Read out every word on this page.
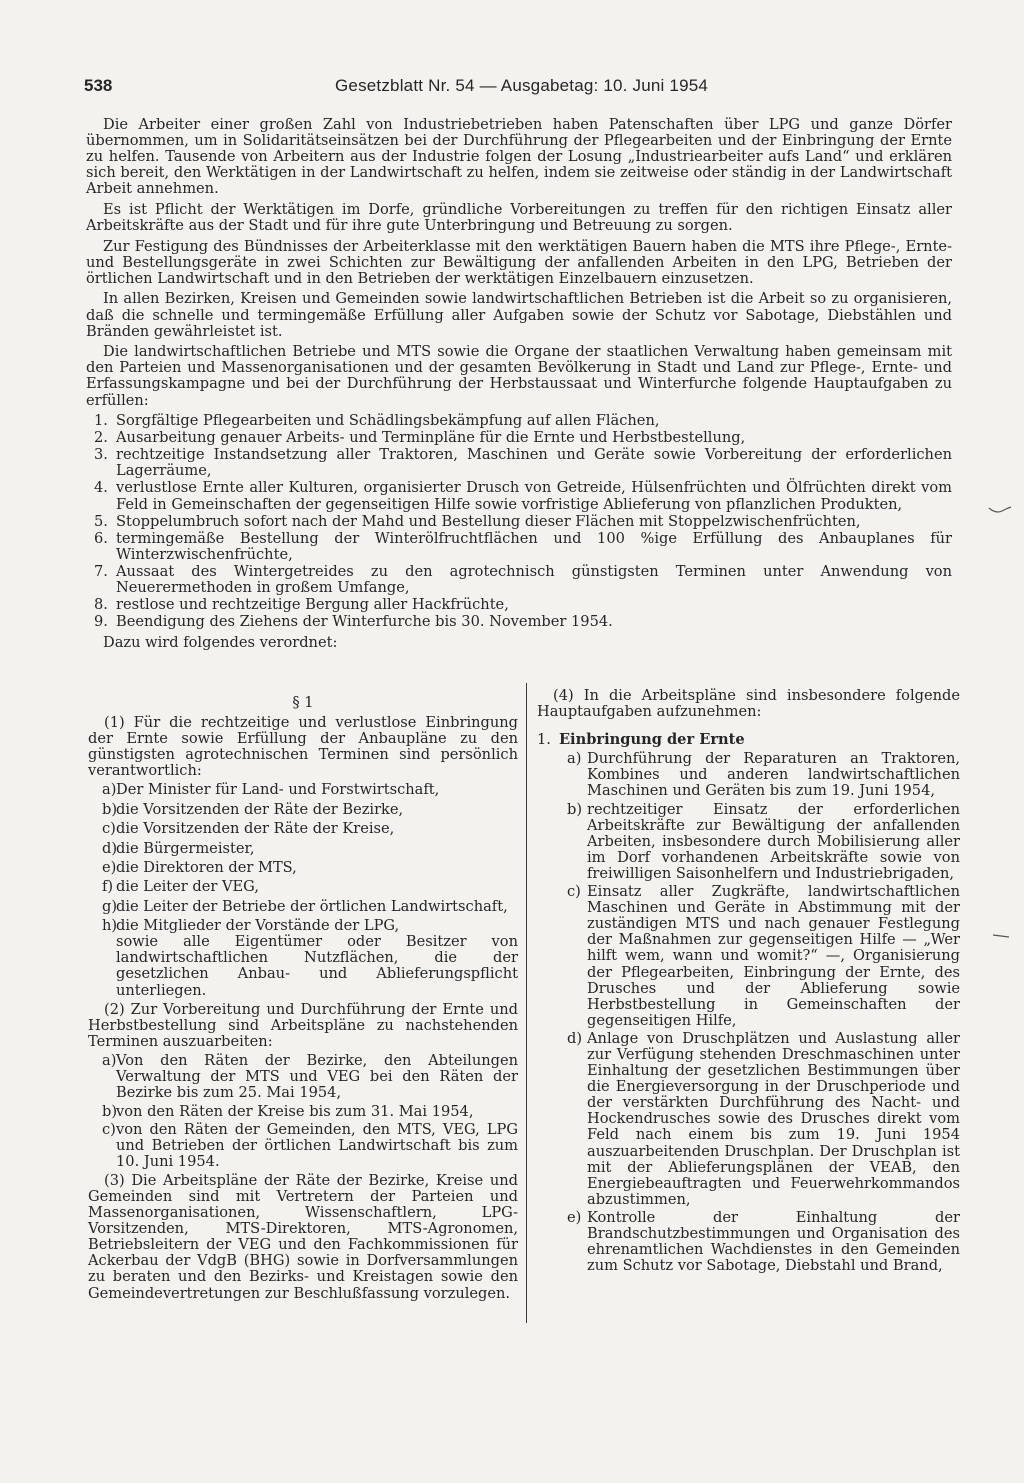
538	Gesetzblatt Nr. 54 — Ausgabetag: 10. Juni 1954

Die Arbeiter einer großen Zahl von Industriebetrieben haben Patenschaften über LPG und ganze Dörfer übernommen, um in Solidaritätseinsätzen bei der Durchführung der Pflegearbeiten und der Einbringung der Ernte zu helfen. Tausende von Arbeitern aus der Industrie folgen der Losung „Industriearbeiter aufs Land“ und erklären sich bereit, den Werktätigen in der Landwirtschaft zu helfen, indem sie zeitweise oder ständig in der Landwirtschaft Arbeit annehmen.

Es ist Pflicht der Werktätigen im Dorfe, gründliche Vorbereitungen zu treffen für den richtigen Einsatz aller Arbeitskräfte aus der Stadt und für ihre gute Unterbringung und Betreuung zu sorgen.

Zur Festigung des Bündnisses der Arbeiterklasse mit den werktätigen Bauern haben die MTS ihre Pflege-, Ernte- und Bestellungsgeräte in zwei Schichten zur Bewältigung der anfallenden Arbeiten in den LPG, Betrieben der örtlichen Landwirtschaft und in den Betrieben der werktätigen Einzelbauern einzusetzen.

In allen Bezirken, Kreisen und Gemeinden sowie landwirtschaftlichen Betrieben ist die Arbeit so zu organisieren, daß die schnelle und termingemäße Erfüllung aller Aufgaben sowie der Schutz vor Sabotage, Diebstählen und Bränden gewährleistet ist.

Die landwirtschaftlichen Betriebe und MTS sowie die Organe der staatlichen Verwaltung haben gemeinsam mit den Parteien und Massenorganisationen und der gesamten Bevölkerung in Stadt und Land zur Pflege-, Ernte- und Erfassungskampagne und bei der Durchführung der Herbstaussaat und Winterfurche folgende Hauptaufgaben zu erfüllen:

1. Sorgfältige Pflegearbeiten und Schädlingsbekämpfung auf allen Flächen,
2. Ausarbeitung genauer Arbeits- und Terminpläne für die Ernte und Herbstbestellung,
3. rechtzeitige Instandsetzung aller Traktoren, Maschinen und Geräte sowie Vorbereitung der erforderlichen Lagerräume,
4. verlustlose Ernte aller Kulturen, organisierter Drusch von Getreide, Hülsenfrüchten und Ölfrüchten direkt vom Feld in Gemeinschaften der gegenseitigen Hilfe sowie vorfristige Ablieferung von pflanzlichen Produkten,
5. Stoppelumbruch sofort nach der Mahd und Bestellung dieser Flächen mit Stoppelzwischenfrüchten,
6. termingemäße Bestellung der Winterölfruchtflächen und 100 %ige Erfüllung des Anbauplanes für Winterzwischenfrüchte,
7. Aussaat des Wintergetreides zu den agrotechnisch günstigsten Terminen unter Anwendung von Neuerermethoden in großem Umfange,
8. restlose und rechtzeitige Bergung aller Hackfrüchte,
9. Beendigung des Ziehens der Winterfurche bis 30. November 1954.
Dazu wird folgendes verordnet:
§ 1

(1) Für die rechtzeitige und verlustlose Einbringung der Ernte sowie Erfüllung der Anbaupläne zu den günstigsten agrotechnischen Terminen sind persönlich verantwortlich:

a) Der Minister für Land- und Forstwirtschaft,
b)
die Vorsitzenden der Räte der Bezirke,
c) die Vorsitzenden der Räte der Kreise,
d)
die Bürgermeister,
e) die Direktoren der MTS,
f) die Leiter der VEG,
g)
die Leiter der Betriebe der örtlichen Landwirtschaft,
h)
die Mitglieder der Vorstände der LPG,
sowie alle Eigentümer oder Besitzer von landwirtschaftlichen Nutzflächen, die der gesetzlichen Anbau- und Ablieferungspflicht unterliegen.

(2) Zur Vorbereitung und Durchführung der Ernte und Herbstbestellung sind Arbeitspläne zu nachstehenden Terminen auszuarbeiten:

a) Von den Räten der Bezirke, den Abteilungen Verwaltung der MTS und VEG bei den Räten der Bezirke bis zum 25. Mai 1954,
b)
von den Räten der Kreise bis zum 31. Mai 1954,
c) von den Räten der Gemeinden, den MTS, VEG, LPG und Betrieben der örtlichen Landwirtschaft bis zum 10. Juni 1954.

(3) Die Arbeitspläne der Räte der Bezirke, Kreise und Gemeinden sind mit Vertretern der Parteien und Massenorganisationen, Wissenschaftlern, LPG-Vorsitzenden, MTS-Direktoren, MTS-Agronomen, Betriebsleitern der VEG und den Fachkommissionen für Ackerbau der VdgB (BHG) sowie in Dorfversammlungen zu beraten und den Bezirks- und Kreistagen sowie den Gemeindevertretungen zur Beschlußfassung vorzulegen.

(4) In die Arbeitspläne sind insbesondere folgende Hauptaufgaben aufzunehmen:

1. Einbringung der Ernte
a) Durchführung der Reparaturen an Traktoren, Kombines und anderen landwirtschaftlichen Maschinen und Geräten bis zum 19. Juni 1954,
b) rechtzeitiger Einsatz der erforderlichen Arbeitskräfte zur Bewältigung der anfallenden Arbeiten, insbesondere durch Mobilisierung aller im Dorf vorhandenen Arbeitskräfte sowie von freiwilligen Saisonhelfern und Industriebrigaden,
c) Einsatz aller Zugkräfte, landwirtschaftlichen Maschinen und Geräte in Abstimmung mit der zuständigen MTS und nach genauer Festlegung der Maßnahmen zur gegenseitigen Hilfe — „Wer hilft wem, wann und womit?“ —, Organisierung der Pflegearbeiten, Einbringung der Ernte, des Drusches und der Ablieferung sowie Herbstbestellung in Gemeinschaften der gegenseitigen Hilfe,
d) Anlage von Druschplätzen und Auslastung aller zur Verfügung stehenden Dreschmaschinen unter Einhaltung der gesetzlichen Bestimmungen über die Energieversorgung in der Druschperiode und der verstärkten Durchführung des Nacht- und Hockendrusches sowie des Drusches direkt vom Feld nach einem bis zum 19. Juni 1954 auszuarbeitenden Druschplan. Der Druschplan ist mit der Ablieferungsplänen der VEAB, den Energiebeauftragten und Feuerwehrkommandos abzustimmen,
e) Kontrolle der Einhaltung der Brandschutzbestimmungen und Organisation des ehrenamtlichen Wachdienstes in den Gemeinden zum Schutz vor Sabotage, Diebstahl und Brand,
